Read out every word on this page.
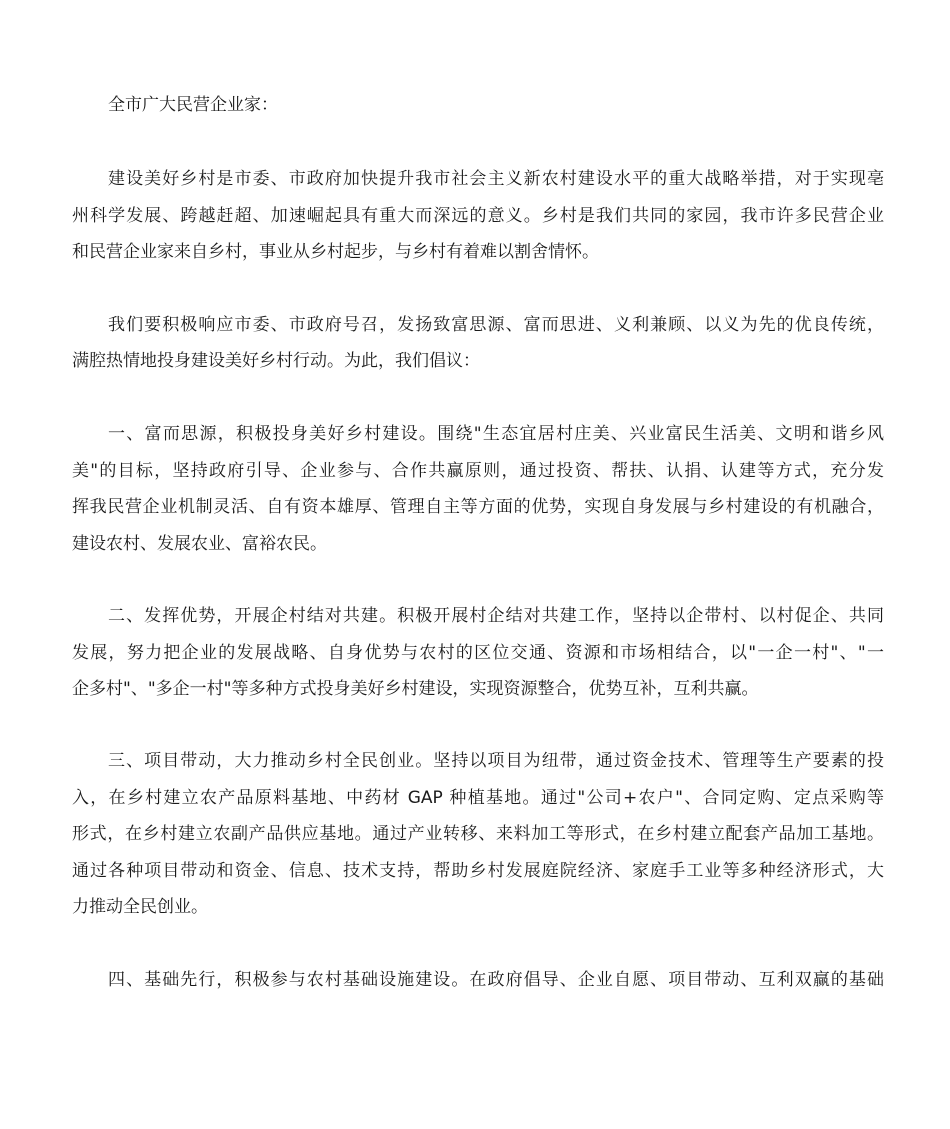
全市广大民营企业家：
建设美好乡村是市委、市政府加快提升我市社会主义新农村建设水平的重大战略举措，对于实现亳
州科学发展、跨越赶超、加速崛起具有重大而深远的意义。乡村是我们共同的家园，我市许多民营企业
和民营企业家来自乡村，事业从乡村起步，与乡村有着难以割舍情怀。
我们要积极响应市委、市政府号召，发扬致富思源、富而思进、义利兼顾、以义为先的优良传统，
满腔热情地投身建设美好乡村行动。为此，我们倡议：
一、富而思源，积极投身美好乡村建设。围绕"生态宜居村庄美、兴业富民生活美、文明和谐乡风
美"的目标，坚持政府引导、企业参与、合作共赢原则，通过投资、帮扶、认捐、认建等方式，充分发
挥我民营企业机制灵活、自有资本雄厚、管理自主等方面的优势，实现自身发展与乡村建设的有机融合，
建设农村、发展农业、富裕农民。
二、发挥优势，开展企村结对共建。积极开展村企结对共建工作，坚持以企带村、以村促企、共同
发展，努力把企业的发展战略、自身优势与农村的区位交通、资源和市场相结合，以"一企一村"、"一
企多村"、"多企一村"等多种方式投身美好乡村建设，实现资源整合，优势互补，互利共赢。
三、项目带动，大力推动乡村全民创业。坚持以项目为纽带，通过资金技术、管理等生产要素的投
入，在乡村建立农产品原料基地、中药材 GAP 种植基地。通过"公司+农户"、合同定购、定点采购等
形式，在乡村建立农副产品供应基地。通过产业转移、来料加工等形式，在乡村建立配套产品加工基地。
通过各种项目带动和资金、信息、技术支持，帮助乡村发展庭院经济、家庭手工业等多种经济形式，大
力推动全民创业。
四、基础先行，积极参与农村基础设施建设。在政府倡导、企业自愿、项目带动、互利双赢的基础
